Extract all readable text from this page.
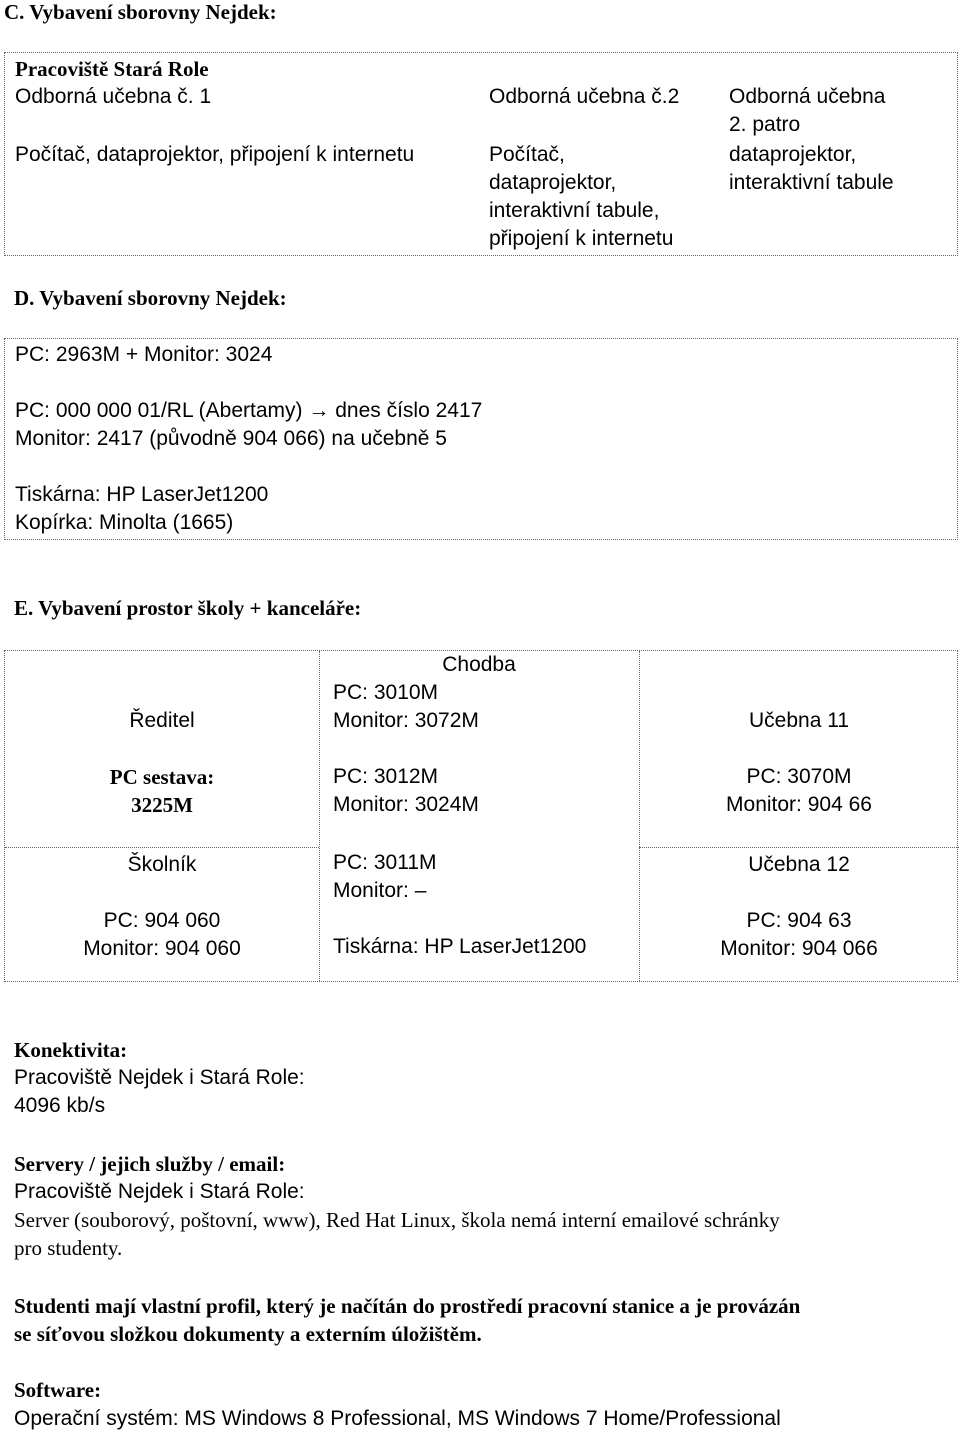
C. Vybavení sborovny Nejdek:
Pracoviště Stará Role
Odborná učebna č. 1	Odborná učebna č.2 Odborná učebna
2. patro
Počítač, dataprojektor, připojení k internetu	Počítač,
dataprojektor,
interaktivní tabule,
připojení k internetu
dataprojektor,
interaktivní tabule
D. Vybavení sborovny Nejdek:
PC: 2963M + Monitor: 3024
PC: 000 000 01/RL (Abertamy) → dnes číslo 2417
Monitor: 2417 (původně 904 066) na učebně 5
Tiskárna: HP LaserJet1200
Kopírka: Minolta (1665)
E. Vybavení prostor školy + kanceláře:
Ředitel
PC sestava:
3225M
Školník
PC: 904 060
Monitor: 904 060
Chodba
PC: 3010M
Monitor: 3072M
PC: 3012M
Monitor: 3024M
PC: 3011M
Monitor: –
Tiskárna: HP LaserJet1200
Učebna 11
PC: 3070M
Monitor: 904 66
Učebna 12
PC: 904 63
Monitor: 904 066
Konektivita:
Pracoviště Nejdek i Stará Role:
4096 kb/s
Servery / jejich služby / email:
Pracoviště Nejdek i Stará Role:
Server (souborový, poštovní, www), Red Hat Linux, škola nemá interní emailové schránky
pro studenty.
Studenti mají vlastní profil, který je načítán do prostředí pracovní stanice a je provázán
se síťovou složkou dokumenty a externím úložištěm.
Software:
Operační systém: MS Windows 8 Professional, MS Windows 7 Home/Professional
